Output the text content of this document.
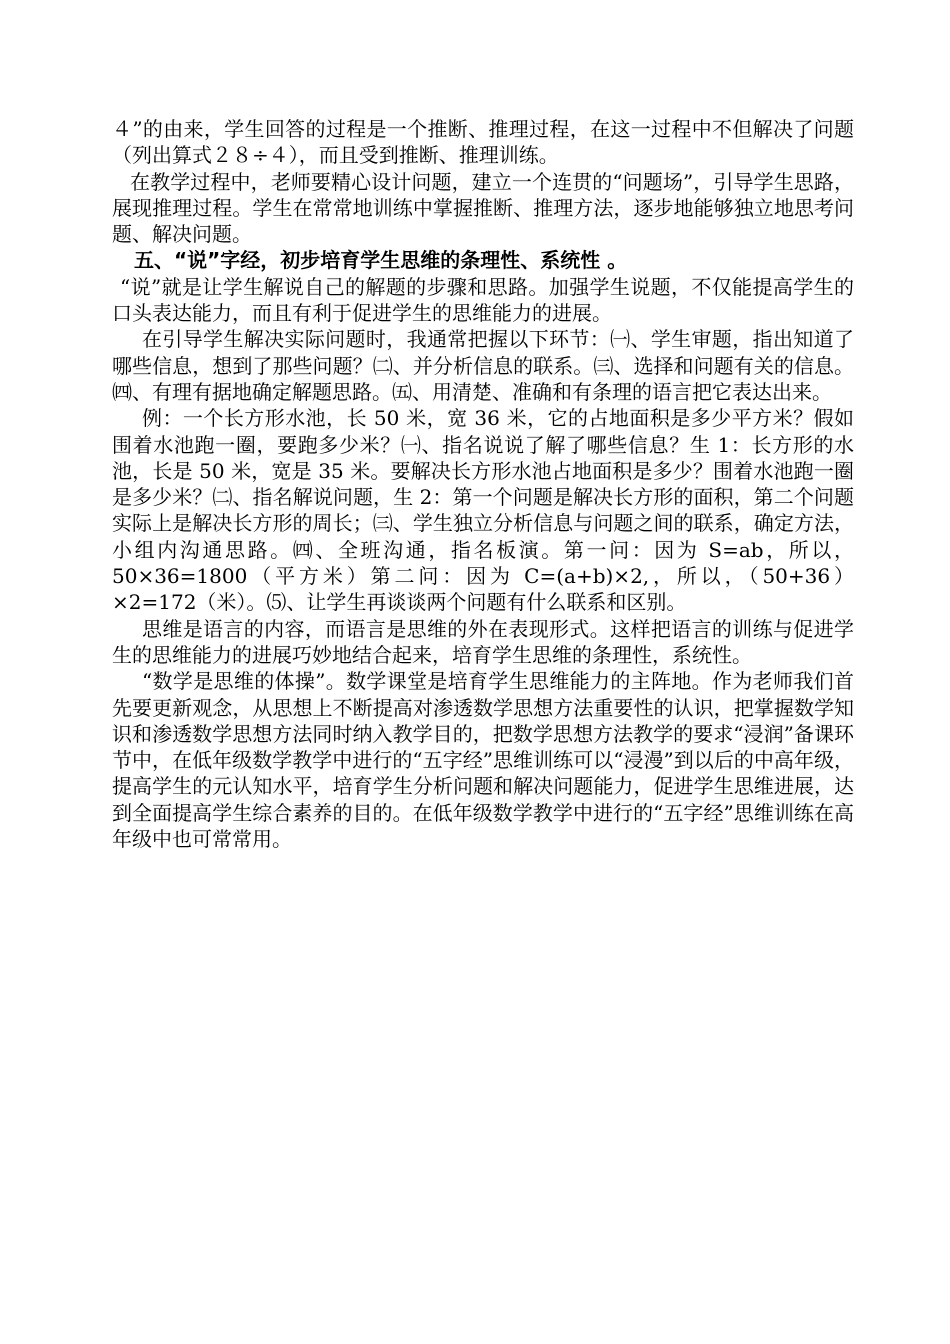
４”的由来，学生回答的过程是一个推断、推理过程，在这一过程中不但解决了问题（列出算式２８÷４），而且受到推断、推理训练。

在教学过程中，老师要精心设计问题，建立一个连贯的“问题场”，引导学生思路，展现推理过程。学生在常常地训练中掌握推断、推理方法，逐步地能够独立地思考问题、解决问题。

五、“说”字经，初步培育学生思维的条理性、系统性 。

“说”就是让学生解说自己的解题的步骤和思路。加强学生说题，不仅能提高学生的口头表达能力，而且有利于促进学生的思维能力的进展。

在引导学生解决实际问题时，我通常把握以下环节：㈠、学生审题，指出知道了哪些信息，想到了那些问题？㈡、并分析信息的联系。㈢、选择和问题有关的信息。㈣、有理有据地确定解题思路。㈤、用清楚、准确和有条理的语言把它表达出来。

例：一个长方形水池，长 50 米，宽 36 米，它的占地面积是多少平方米？假如围着水池跑一圈，要跑多少米？㈠、指名说说了解了哪些信息？生 1：长方形的水池，长是 50 米，宽是 35 米。要解决长方形水池占地面积是多少？围着水池跑一圈是多少米？㈡、指名解说问题，生 2：第一个问题是解决长方形的面积，第二个问题实际上是解决长方形的周长；㈢、学生独立分析信息与问题之间的联系，确定方法，小组内沟通思路。㈣、全班沟通，指名板演。第一问：因为 S=ab，所以，50×36=1800（平方米）第二问：因为 C=(a+b)×2,，所以，（50+36）×2=172（米）。⑸、让学生再谈谈两个问题有什么联系和区别。

思维是语言的内容，而语言是思维的外在表现形式。这样把语言的训练与促进学生的思维能力的进展巧妙地结合起来，培育学生思维的条理性，系统性。

“数学是思维的体操”。数学课堂是培育学生思维能力的主阵地。作为老师我们首先要更新观念，从思想上不断提高对渗透数学思想方法重要性的认识，把掌握数学知识和渗透数学思想方法同时纳入教学目的，把数学思想方法教学的要求“浸润”备课环节中，在低年级数学教学中进行的“五字经”思维训练可以“浸漫”到以后的中高年级，提高学生的元认知水平，培育学生分析问题和解决问题能力，促进学生思维进展，达到全面提高学生综合素养的目的。在低年级数学教学中进行的“五字经”思维训练在高年级中也可常常用。
